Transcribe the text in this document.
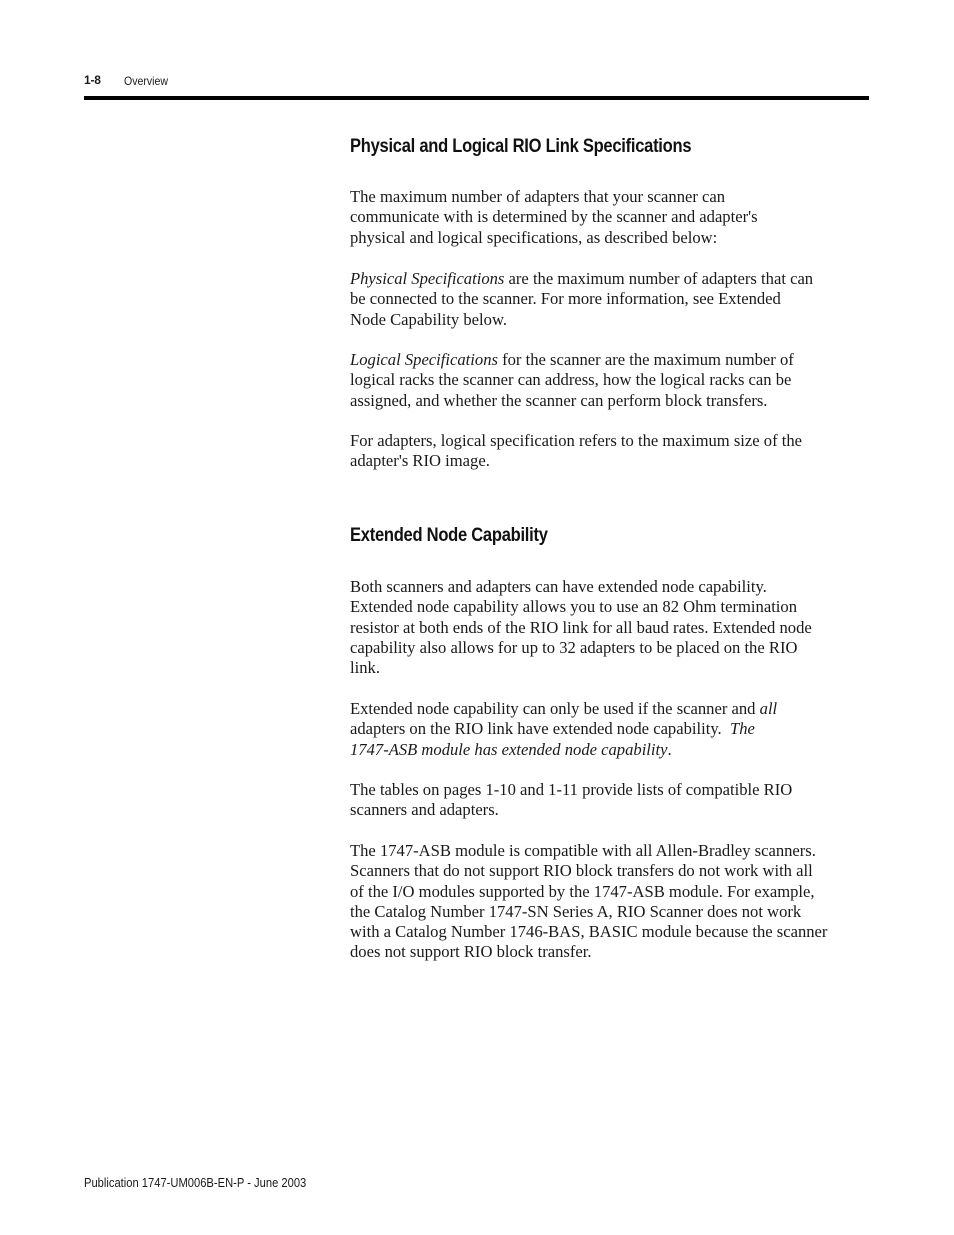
1-8 Overview
Physical and Logical RIO Link Specifications
The maximum number of adapters that your scanner can
communicate with is determined by the scanner and adapter's
physical and logical specifications, as described below:
Physical Specifications are the maximum number of adapters that can
be connected to the scanner. For more information, see Extended
Node Capability below.
Logical Specifications for the scanner are the maximum number of
logical racks the scanner can address, how the logical racks can be
assigned, and whether the scanner can perform block transfers.
For adapters, logical specification refers to the maximum size of the
adapter's RIO image.
Extended Node Capability
Both scanners and adapters can have extended node capability.
Extended node capability allows you to use an 82 Ohm termination
resistor at both ends of the RIO link for all baud rates. Extended node
capability also allows for up to 32 adapters to be placed on the RIO
link.
Extended node capability can only be used if the scanner and all
adapters on the RIO link have extended node capability.  The
1747-ASB module has extended node capability.
The tables on pages 1-10 and 1-11 provide lists of compatible RIO
scanners and adapters.
The 1747-ASB module is compatible with all Allen-Bradley scanners.
Scanners that do not support RIO block transfers do not work with all
of the I/O modules supported by the 1747-ASB module. For example,
the Catalog Number 1747-SN Series A, RIO Scanner does not work
with a Catalog Number 1746-BAS, BASIC module because the scanner
does not support RIO block transfer.
Publication 1747-UM006B-EN-P - June 2003
